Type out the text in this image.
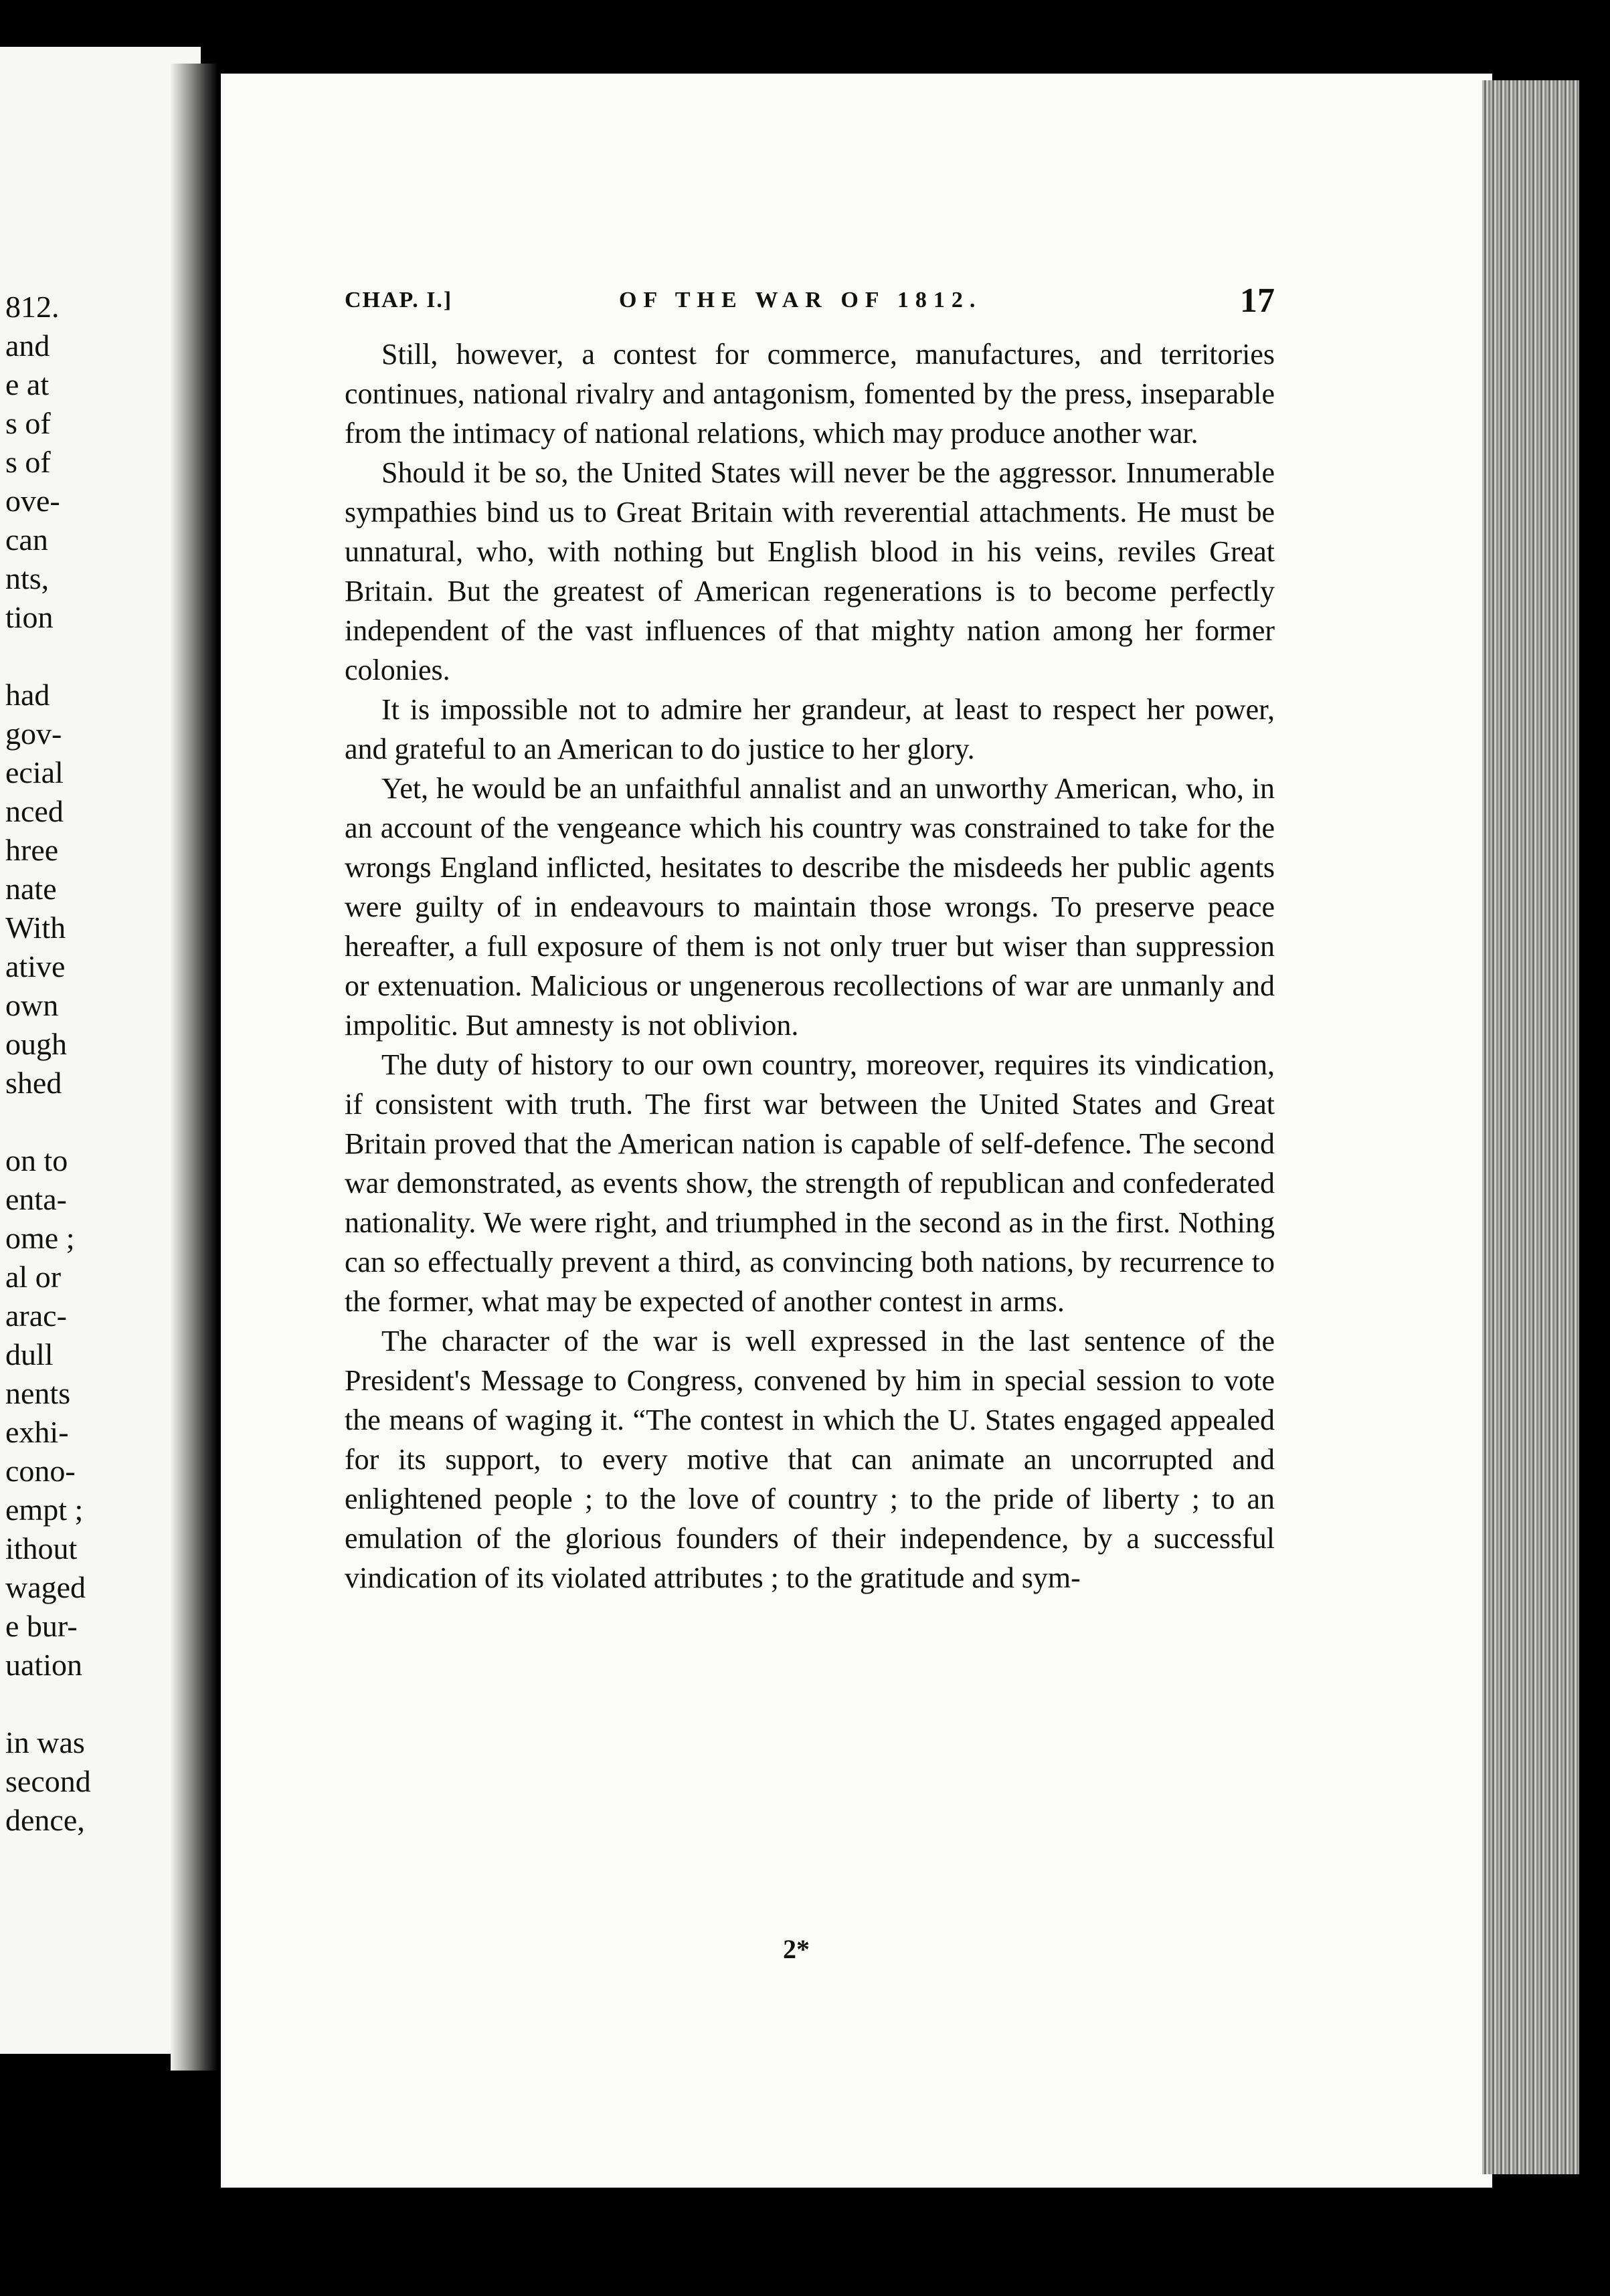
812.
and
e at
s of
s of
ove-
can
nts,
tion
had
gov-
ecial
nced
hree
nate
With
ative
own
ough
shed
on to
enta-
ome ;
al or
arac-
dull
nents
exhi-
cono-
empt ;
ithout
waged
e bur-
uation
in was
second
dence,
CHAP. I.]	OF THE WAR OF 1812.	17

Still, however, a contest for commerce, manufactures, and territories continues, national rivalry and antagonism, fomented by the press, inseparable from the intimacy of national relations, which may produce another war.

Should it be so, the United States will never be the aggressor. Innumerable sympathies bind us to Great Britain with reverential attachments. He must be unnatural, who, with nothing but English blood in his veins, reviles Great Britain. But the greatest of American regenerations is to become perfectly independent of the vast influences of that mighty nation among her former colonies.

It is impossible not to admire her grandeur, at least to respect her power, and grateful to an American to do justice to her glory.

Yet, he would be an unfaithful annalist and an unworthy American, who, in an account of the vengeance which his country was constrained to take for the wrongs England inflicted, hesitates to describe the misdeeds her public agents were guilty of in endeavours to maintain those wrongs. To preserve peace hereafter, a full exposure of them is not only truer but wiser than suppression or extenuation. Malicious or ungenerous recollections of war are unmanly and impolitic. But amnesty is not oblivion.

The duty of history to our own country, moreover, requires its vindication, if consistent with truth. The first war between the United States and Great Britain proved that the American nation is capable of self-defence. The second war demonstrated, as events show, the strength of republican and confederated nationality. We were right, and triumphed in the second as in the first. Nothing can so effectually prevent a third, as convincing both nations, by recurrence to the former, what may be expected of another contest in arms.

The character of the war is well expressed in the last sentence of the President's Message to Congress, convened by him in special session to vote the means of waging it. “The contest in which the U. States engaged appealed for its support, to every motive that can animate an uncorrupted and enlightened people ; to the love of country ; to the pride of liberty ; to an emulation of the glorious founders of their independence, by a successful vindication of its violated attributes ; to the gratitude and sym-

2*
